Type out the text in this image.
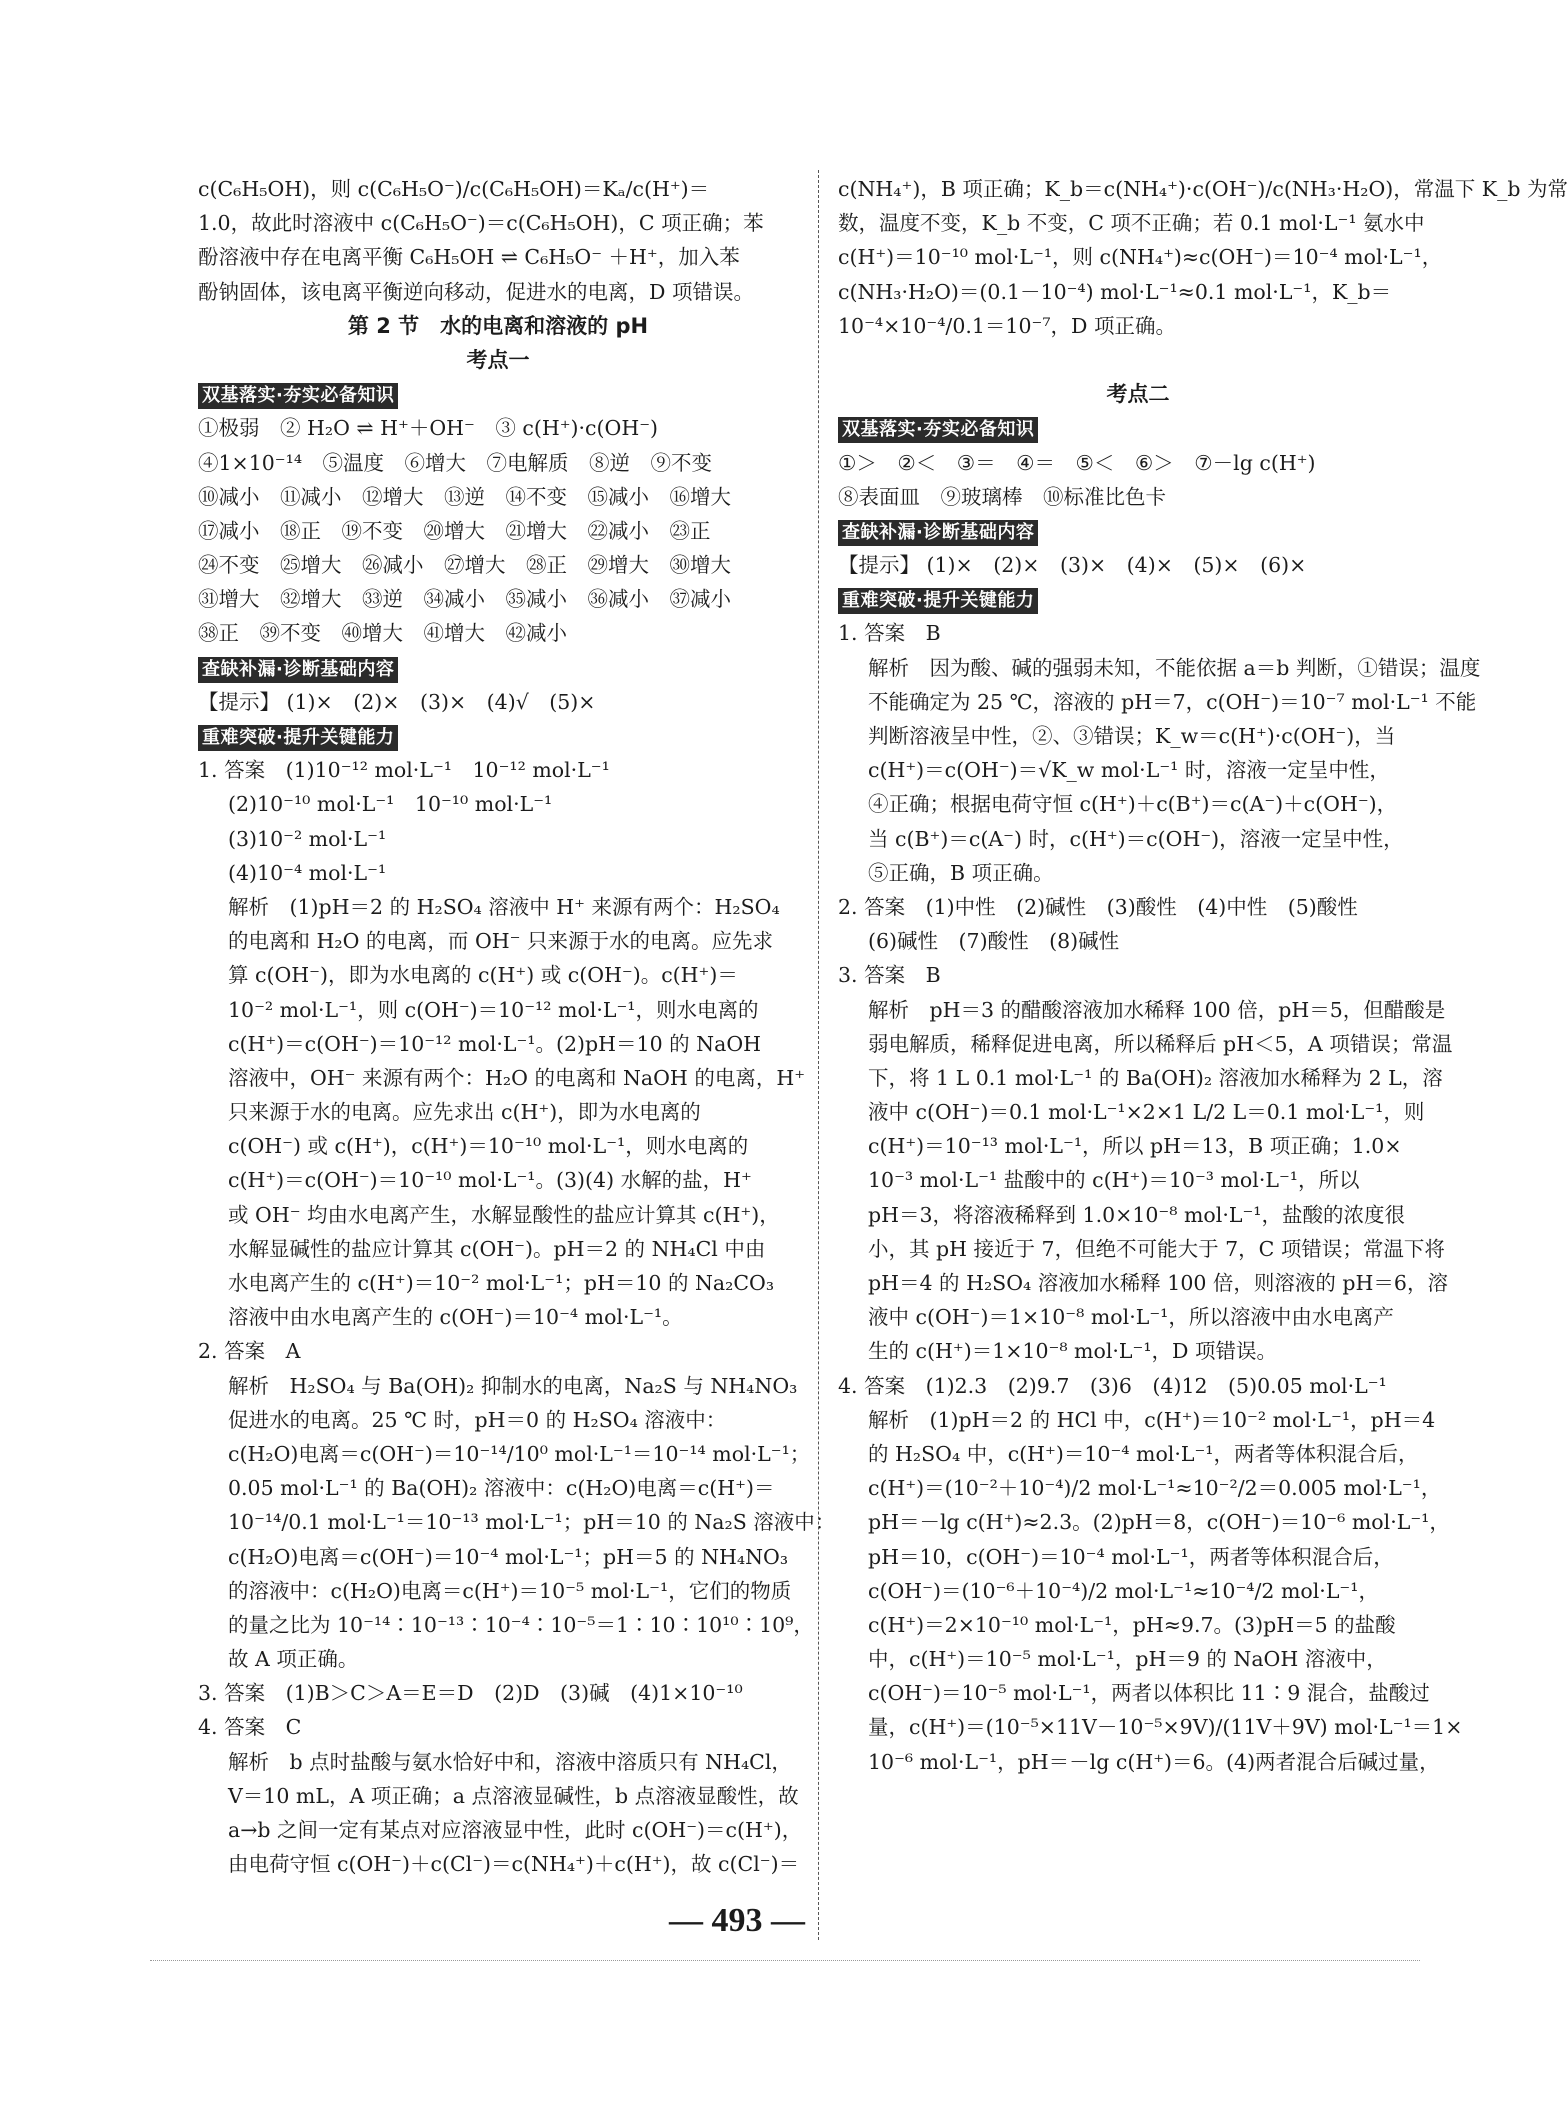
c(C₆H₅OH)，则 c(C₆H₅O⁻)/c(C₆H₅OH)＝Kₐ/c(H⁺)＝
1.0，故此时溶液中 c(C₆H₅O⁻)＝c(C₆H₅OH)，C 项正确；苯
酚溶液中存在电离平衡 C₆H₅OH ⇌ C₆H₅O⁻ ＋H⁺，加入苯
酚钠固体，该电离平衡逆向移动，促进水的电离，D 项错误。
第 2 节　水的电离和溶液的 pH
考点一
双基落实·夯实必备知识
①极弱　② H₂O ⇌ H⁺＋OH⁻　③ c(H⁺)·c(OH⁻)
④1×10⁻¹⁴　⑤温度　⑥增大　⑦电解质　⑧逆　⑨不变
⑩减小　⑪减小　⑫增大　⑬逆　⑭不变　⑮减小　⑯增大
⑰减小　⑱正　⑲不变　⑳增大　㉑增大　㉒减小　㉓正
㉔不变　㉕增大　㉖减小　㉗增大　㉘正　㉙增大　㉚增大
㉛增大　㉜增大　㉝逆　㉞减小　㉟减小　㊱减小　㊲减小
㊳正　㊴不变　㊵增大　㊶增大　㊷减小
查缺补漏·诊断基础内容
【提示】 (1)×　(2)×　(3)×　(4)√　(5)×
重难突破·提升关键能力
1. 答案　(1)10⁻¹² mol·L⁻¹　10⁻¹² mol·L⁻¹
(2)10⁻¹⁰ mol·L⁻¹　10⁻¹⁰ mol·L⁻¹
(3)10⁻² mol·L⁻¹
(4)10⁻⁴ mol·L⁻¹
解析　(1)pH＝2 的 H₂SO₄ 溶液中 H⁺ 来源有两个：H₂SO₄
的电离和 H₂O 的电离，而 OH⁻ 只来源于水的电离。应先求
算 c(OH⁻)，即为水电离的 c(H⁺) 或 c(OH⁻)。c(H⁺)＝
10⁻² mol·L⁻¹，则 c(OH⁻)＝10⁻¹² mol·L⁻¹，则水电离的
c(H⁺)＝c(OH⁻)＝10⁻¹² mol·L⁻¹。(2)pH＝10 的 NaOH
溶液中，OH⁻ 来源有两个：H₂O 的电离和 NaOH 的电离，H⁺
只来源于水的电离。应先求出 c(H⁺)，即为水电离的
c(OH⁻) 或 c(H⁺)，c(H⁺)＝10⁻¹⁰ mol·L⁻¹，则水电离的
c(H⁺)＝c(OH⁻)＝10⁻¹⁰ mol·L⁻¹。(3)(4) 水解的盐，H⁺
或 OH⁻ 均由水电离产生，水解显酸性的盐应计算其 c(H⁺)，
水解显碱性的盐应计算其 c(OH⁻)。pH＝2 的 NH₄Cl 中由
水电离产生的 c(H⁺)＝10⁻² mol·L⁻¹；pH＝10 的 Na₂CO₃
溶液中由水电离产生的 c(OH⁻)＝10⁻⁴ mol·L⁻¹。
2. 答案　A
解析　H₂SO₄ 与 Ba(OH)₂ 抑制水的电离，Na₂S 与 NH₄NO₃
促进水的电离。25 ℃ 时，pH＝0 的 H₂SO₄ 溶液中：
c(H₂O)电离＝c(OH⁻)＝10⁻¹⁴/10⁰ mol·L⁻¹＝10⁻¹⁴ mol·L⁻¹；
0.05 mol·L⁻¹ 的 Ba(OH)₂ 溶液中：c(H₂O)电离＝c(H⁺)＝
10⁻¹⁴/0.1 mol·L⁻¹＝10⁻¹³ mol·L⁻¹；pH＝10 的 Na₂S 溶液中：
c(H₂O)电离＝c(OH⁻)＝10⁻⁴ mol·L⁻¹；pH＝5 的 NH₄NO₃
的溶液中：c(H₂O)电离＝c(H⁺)＝10⁻⁵ mol·L⁻¹，它们的物质
的量之比为 10⁻¹⁴∶10⁻¹³∶10⁻⁴∶10⁻⁵＝1∶10∶10¹⁰∶10⁹，
故 A 项正确。
3. 答案　(1)B＞C＞A＝E＝D　(2)D　(3)碱　(4)1×10⁻¹⁰
4. 答案　C
解析　b 点时盐酸与氨水恰好中和，溶液中溶质只有 NH₄Cl，
V＝10 mL，A 项正确；a 点溶液显碱性，b 点溶液显酸性，故
a→b 之间一定有某点对应溶液显中性，此时 c(OH⁻)＝c(H⁺)，
由电荷守恒 c(OH⁻)＋c(Cl⁻)＝c(NH₄⁺)＋c(H⁺)，故 c(Cl⁻)＝
c(NH₄⁺)，B 项正确；K_b＝c(NH₄⁺)·c(OH⁻)/c(NH₃·H₂O)，常温下 K_b 为常
数，温度不变，K_b 不变，C 项不正确；若 0.1 mol·L⁻¹ 氨水中
c(H⁺)＝10⁻¹⁰ mol·L⁻¹，则 c(NH₄⁺)≈c(OH⁻)＝10⁻⁴ mol·L⁻¹，
c(NH₃·H₂O)＝(0.1－10⁻⁴) mol·L⁻¹≈0.1 mol·L⁻¹，K_b＝
10⁻⁴×10⁻⁴/0.1＝10⁻⁷，D 项正确。
考点二
双基落实·夯实必备知识
①＞　②＜　③＝　④＝　⑤＜　⑥＞　⑦－lg c(H⁺)
⑧表面皿　⑨玻璃棒　⑩标准比色卡
查缺补漏·诊断基础内容
【提示】 (1)×　(2)×　(3)×　(4)×　(5)×　(6)×
重难突破·提升关键能力
1. 答案　B
解析　因为酸、碱的强弱未知，不能依据 a＝b 判断，①错误；温度
不能确定为 25 ℃，溶液的 pH＝7，c(OH⁻)＝10⁻⁷ mol·L⁻¹ 不能
判断溶液呈中性，②、③错误；K_w＝c(H⁺)·c(OH⁻)，当
c(H⁺)＝c(OH⁻)＝√K_w mol·L⁻¹ 时，溶液一定呈中性，
④正确；根据电荷守恒 c(H⁺)＋c(B⁺)＝c(A⁻)＋c(OH⁻)，
当 c(B⁺)＝c(A⁻) 时，c(H⁺)＝c(OH⁻)，溶液一定呈中性，
⑤正确，B 项正确。
2. 答案　(1)中性　(2)碱性　(3)酸性　(4)中性　(5)酸性
(6)碱性　(7)酸性　(8)碱性
3. 答案　B
解析　pH＝3 的醋酸溶液加水稀释 100 倍，pH＝5，但醋酸是
弱电解质，稀释促进电离，所以稀释后 pH＜5，A 项错误；常温
下，将 1 L 0.1 mol·L⁻¹ 的 Ba(OH)₂ 溶液加水稀释为 2 L，溶
液中 c(OH⁻)＝0.1 mol·L⁻¹×2×1 L/2 L＝0.1 mol·L⁻¹，则
c(H⁺)＝10⁻¹³ mol·L⁻¹，所以 pH＝13，B 项正确；1.0×
10⁻³ mol·L⁻¹ 盐酸中的 c(H⁺)＝10⁻³ mol·L⁻¹，所以
pH＝3，将溶液稀释到 1.0×10⁻⁸ mol·L⁻¹，盐酸的浓度很
小，其 pH 接近于 7，但绝不可能大于 7，C 项错误；常温下将
pH＝4 的 H₂SO₄ 溶液加水稀释 100 倍，则溶液的 pH＝6，溶
液中 c(OH⁻)＝1×10⁻⁸ mol·L⁻¹，所以溶液中由水电离产
生的 c(H⁺)＝1×10⁻⁸ mol·L⁻¹，D 项错误。
4. 答案　(1)2.3　(2)9.7　(3)6　(4)12　(5)0.05 mol·L⁻¹
解析　(1)pH＝2 的 HCl 中，c(H⁺)＝10⁻² mol·L⁻¹，pH＝4
的 H₂SO₄ 中，c(H⁺)＝10⁻⁴ mol·L⁻¹，两者等体积混合后，
c(H⁺)＝(10⁻²＋10⁻⁴)/2 mol·L⁻¹≈10⁻²/2＝0.005 mol·L⁻¹，
pH＝－lg c(H⁺)≈2.3。(2)pH＝8，c(OH⁻)＝10⁻⁶ mol·L⁻¹，
pH＝10，c(OH⁻)＝10⁻⁴ mol·L⁻¹，两者等体积混合后，
c(OH⁻)＝(10⁻⁶＋10⁻⁴)/2 mol·L⁻¹≈10⁻⁴/2 mol·L⁻¹，
c(H⁺)＝2×10⁻¹⁰ mol·L⁻¹，pH≈9.7。(3)pH＝5 的盐酸
中，c(H⁺)＝10⁻⁵ mol·L⁻¹，pH＝9 的 NaOH 溶液中，
c(OH⁻)＝10⁻⁵ mol·L⁻¹，两者以体积比 11∶9 混合，盐酸过
量，c(H⁺)＝(10⁻⁵×11V－10⁻⁵×9V)/(11V＋9V) mol·L⁻¹＝1×
10⁻⁶ mol·L⁻¹，pH＝－lg c(H⁺)＝6。(4)两者混合后碱过量，
— 493 —
